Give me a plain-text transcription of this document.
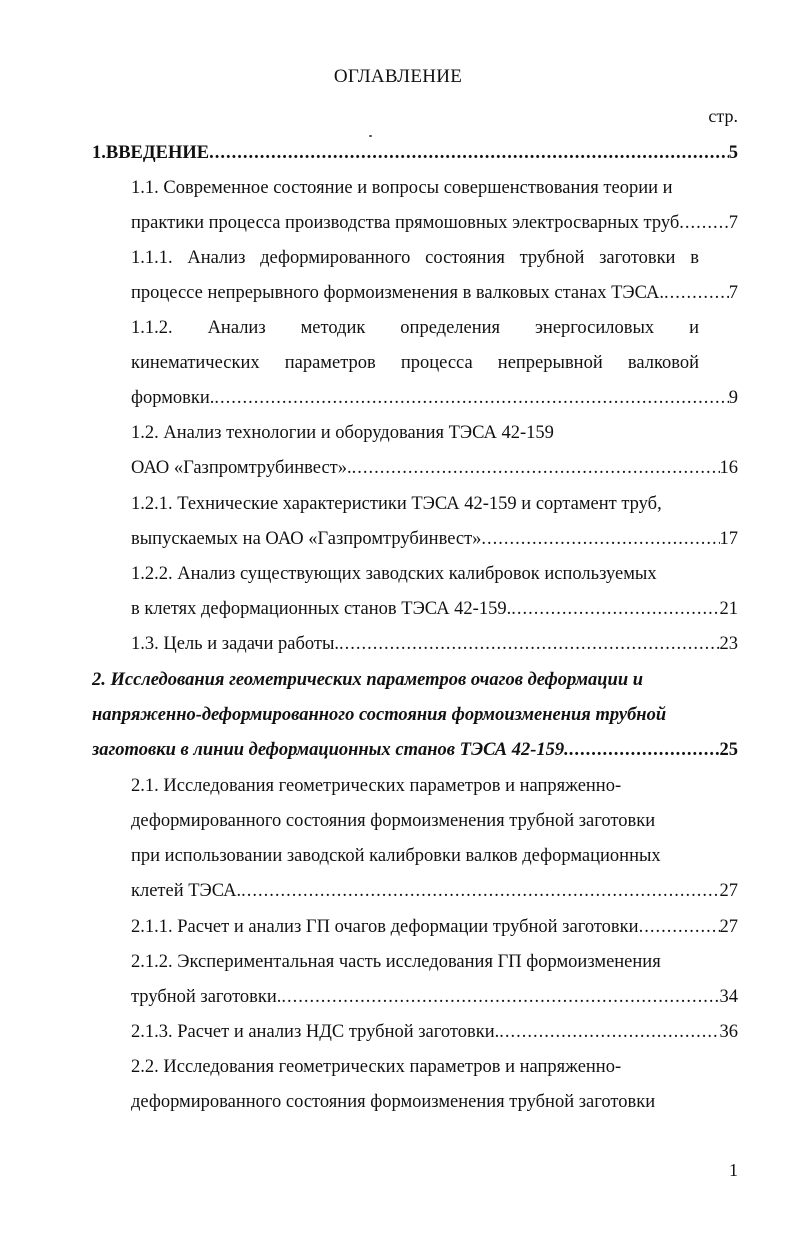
ОГЛАВЛЕНИЕ
стр.
1. ВВЕДЕНИЕ .....	5
1.1. Современное состояние и вопросы совершенствования теории и
практики процесса производства прямошовных электросварных труб .....	7
1.1.1. Анализ деформированного состояния трубной заготовки в
процессе непрерывного формоизменения в валковых станах ТЭСА. .....	7
1.1.2. Анализ методик определения энергосиловых и
кинематических параметров процесса непрерывной валковой
формовки. .....	9
1.2. Анализ технологии и оборудования ТЭСА 42-159
ОАО «Газпромтрубинвест». .....	16
1.2.1. Технические характеристики ТЭСА 42-159 и сортамент труб,
выпускаемых на ОАО «Газпромтрубинвест» .....	17
1.2.2. Анализ существующих заводских калибровок используемых
в клетях деформационных станов ТЭСА 42-159. .....	21
1.3. Цель и задачи работы. .....	23
2. Исследования геометрических параметров очагов деформации и
напряженно-деформированного состояния формоизменения трубной
заготовки в линии деформационных станов ТЭСА 42-159. .....	25
2.1. Исследования геометрических параметров и напряженно-
деформированного состояния формоизменения трубной заготовки
при использовании заводской калибровки валков деформационных
клетей ТЭСА. .....	27
2.1.1. Расчет и анализ ГП очагов деформации трубной заготовки .....	27
2.1.2. Экспериментальная часть исследования ГП формоизменения
трубной заготовки. .....	34
2.1.3. Расчет и анализ НДС трубной заготовки. .....	36
2.2. Исследования геометрических параметров и напряженно-
деформированного состояния формоизменения трубной заготовки
1
